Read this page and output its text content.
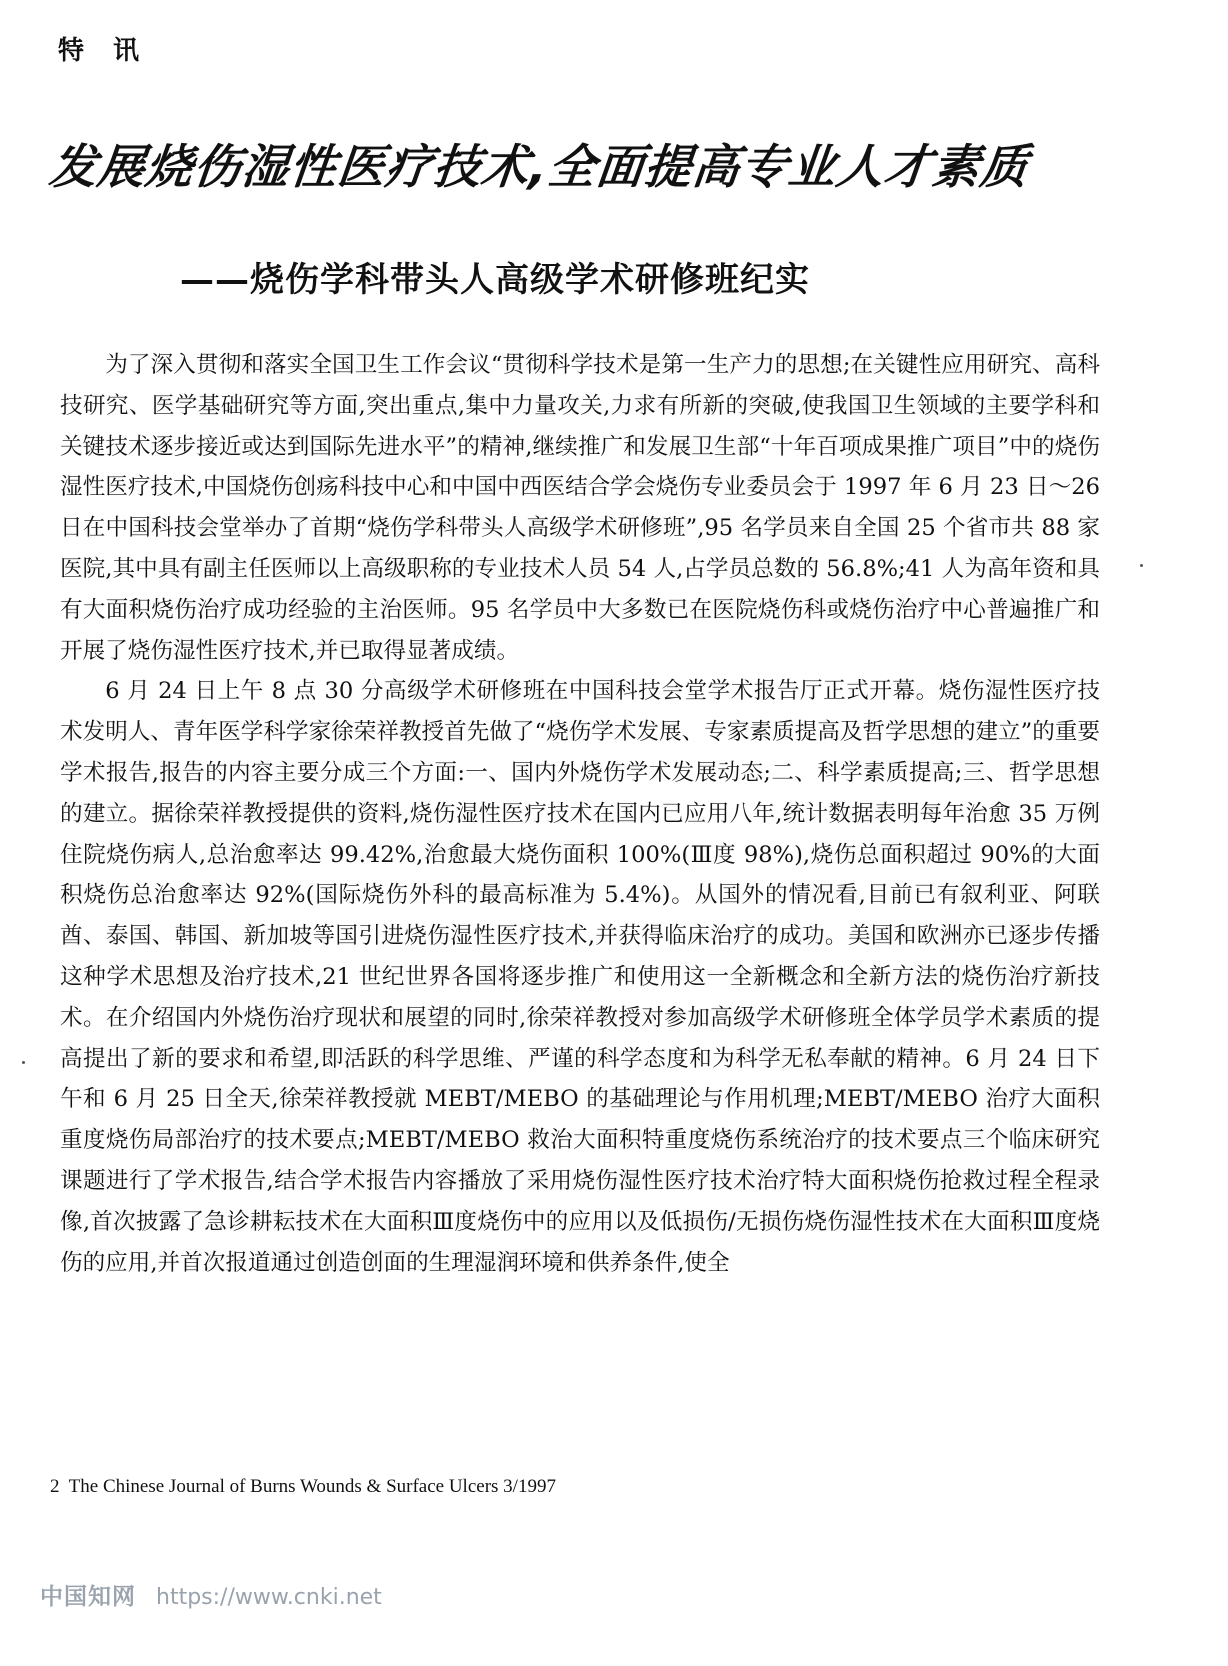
特 讯
发展烧伤湿性医疗技术,全面提高专业人才素质
——烧伤学科带头人高级学术研修班纪实

为了深入贯彻和落实全国卫生工作会议“贯彻科学技术是第一生产力的思想;在关键性应用研究、高科技研究、医学基础研究等方面,突出重点,集中力量攻关,力求有所新的突破,使我国卫生领域的主要学科和关键技术逐步接近或达到国际先进水平”的精神,继续推广和发展卫生部“十年百项成果推广项目”中的烧伤湿性医疗技术,中国烧伤创疡科技中心和中国中西医结合学会烧伤专业委员会于 1997 年 6 月 23 日～26 日在中国科技会堂举办了首期“烧伤学科带头人高级学术研修班”,95 名学员来自全国 25 个省市共 88 家医院,其中具有副主任医师以上高级职称的专业技术人员 54 人,占学员总数的 56.8%;41 人为高年资和具有大面积烧伤治疗成功经验的主治医师。95 名学员中大多数已在医院烧伤科或烧伤治疗中心普遍推广和开展了烧伤湿性医疗技术,并已取得显著成绩。

6 月 24 日上午 8 点 30 分高级学术研修班在中国科技会堂学术报告厅正式开幕。烧伤湿性医疗技术发明人、青年医学科学家徐荣祥教授首先做了“烧伤学术发展、专家素质提高及哲学思想的建立”的重要学术报告,报告的内容主要分成三个方面:一、国内外烧伤学术发展动态;二、科学素质提高;三、哲学思想的建立。据徐荣祥教授提供的资料,烧伤湿性医疗技术在国内已应用八年,统计数据表明每年治愈 35 万例住院烧伤病人,总治愈率达 99.42%,治愈最大烧伤面积 100%(Ⅲ度 98%),烧伤总面积超过 90%的大面积烧伤总治愈率达 92%(国际烧伤外科的最高标准为 5.4%)。从国外的情况看,目前已有叙利亚、阿联酋、泰国、韩国、新加坡等国引进烧伤湿性医疗技术,并获得临床治疗的成功。美国和欧洲亦已逐步传播这种学术思想及治疗技术,21 世纪世界各国将逐步推广和使用这一全新概念和全新方法的烧伤治疗新技术。在介绍国内外烧伤治疗现状和展望的同时,徐荣祥教授对参加高级学术研修班全体学员学术素质的提高提出了新的要求和希望,即活跃的科学思维、严谨的科学态度和为科学无私奉献的精神。6 月 24 日下午和 6 月 25 日全天,徐荣祥教授就 MEBT/MEBO 的基础理论与作用机理;MEBT/MEBO 治疗大面积重度烧伤局部治疗的技术要点;MEBT/MEBO 救治大面积特重度烧伤系统治疗的技术要点三个临床研究课题进行了学术报告,结合学术报告内容播放了采用烧伤湿性医疗技术治疗特大面积烧伤抢救过程全程录像,首次披露了急诊耕耘技术在大面积Ⅲ度烧伤中的应用以及低损伤/无损伤烧伤湿性技术在大面积Ⅲ度烧伤的应用,并首次报道通过创造创面的生理湿润环境和供养条件,使全

2 The Chinese Journal of Burns Wounds & Surface Ulcers 3/1997
中国知网 https://www.cnki.net
